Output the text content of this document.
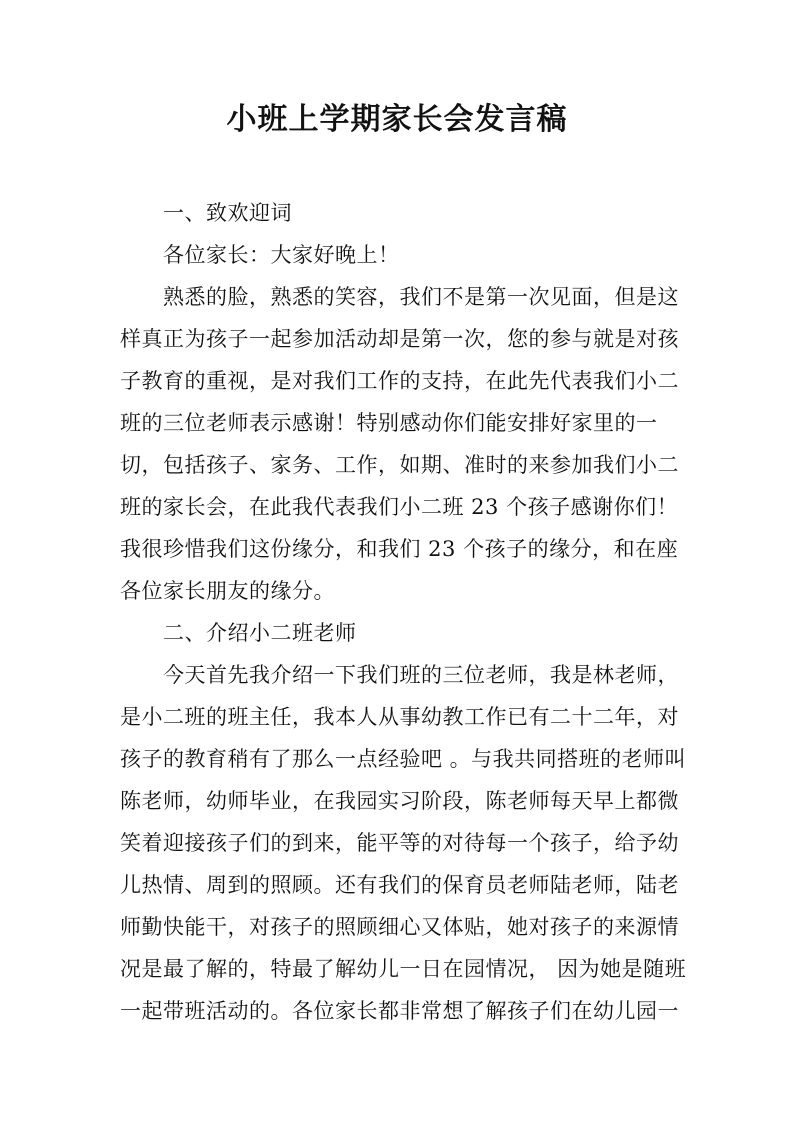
小班上学期家长会发言稿
一、致欢迎词
各位家长：大家好晚上！
熟悉的脸，熟悉的笑容，我们不是第一次见面，但是这
样真正为孩子一起参加活动却是第一次，您的参与就是对孩
子教育的重视，是对我们工作的支持，在此先代表我们小二
班的三位老师表示感谢！特别感动你们能安排好家里的一
切，包括孩子、家务、工作，如期、准时的来参加我们小二
班的家长会，在此我代表我们小二班 23 个孩子感谢你们！
我很珍惜我们这份缘分，和我们 23 个孩子的缘分，和在座
各位家长朋友的缘分。
二、介绍小二班老师
今天首先我介绍一下我们班的三位老师，我是林老师，
是小二班的班主任，我本人从事幼教工作已有二十二年，对
孩子的教育稍有了那么一点经验吧 。与我共同搭班的老师叫
陈老师，幼师毕业，在我园实习阶段，陈老师每天早上都微
笑着迎接孩子们的到来，能平等的对待每一个孩子，给予幼
儿热情、周到的照顾。还有我们的保育员老师陆老师，陆老
师勤快能干，对孩子的照顾细心又体贴，她对孩子的来源情
况是最了解的，特最了解幼儿一日在园情况， 因为她是随班
一起带班活动的。各位家长都非常想了解孩子们在幼儿园一
